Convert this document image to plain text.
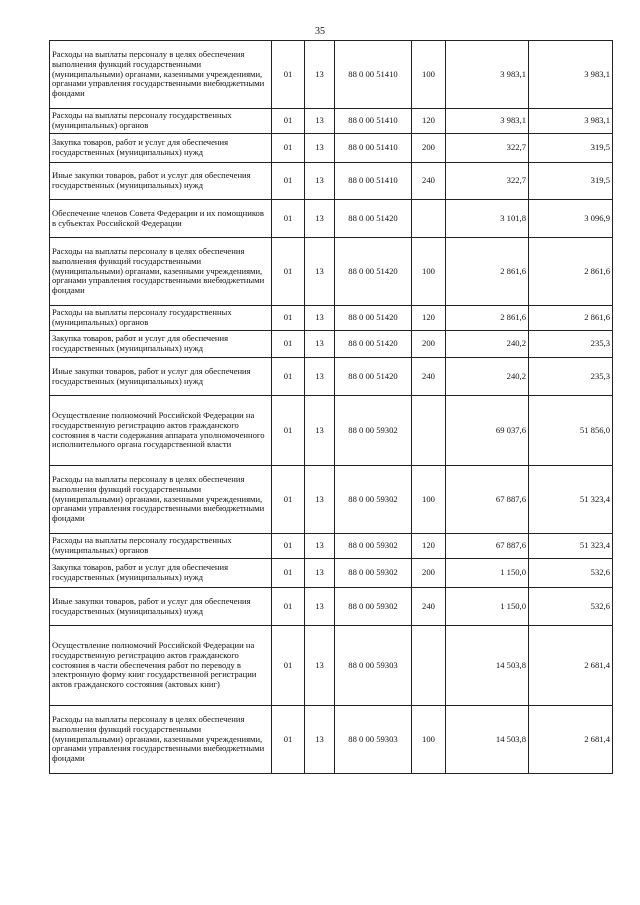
35
Расходы на выплаты персоналу в целях обеспечения выполнения функций государственными (муниципальными) органами, казенными учреждениями, органами управления государственными внебюджетными фондами	01	13	88 0 00 51410	100	3 983,1	3 983,1
Расходы на выплаты персоналу государственных (муниципальных) органов	01	13	88 0 00 51410	120	3 983,1	3 983,1
Закупка товаров, работ и услуг для обеспечения государственных (муниципальных) нужд	01	13	88 0 00 51410	200	322,7	319,5
Иные закупки товаров, работ и услуг для обеспечения государственных (муниципальных) нужд	01	13	88 0 00 51410	240	322,7	319,5
Обеспечение членов Совета Федерации и их помощников в субъектах Российской Федерации	01	13	88 0 00 51420		3 101,8	3 096,9
Расходы на выплаты персоналу в целях обеспечения выполнения функций государственными (муниципальными) органами, казенными учреждениями, органами управления государственными внебюджетными фондами	01	13	88 0 00 51420	100	2 861,6	2 861,6
Расходы на выплаты персоналу государственных (муниципальных) органов	01	13	88 0 00 51420	120	2 861,6	2 861,6
Закупка товаров, работ и услуг для обеспечения государственных (муниципальных) нужд	01	13	88 0 00 51420	200	240,2	235,3
Иные закупки товаров, работ и услуг для обеспечения государственных (муниципальных) нужд	01	13	88 0 00 51420	240	240,2	235,3
Осуществление полномочий Российской Федерации на государственную регистрацию актов гражданского состояния в части содержания аппарата уполномоченного исполнительного органа государственной власти	01	13	88 0 00 59302		69 037,6	51 856,0
Расходы на выплаты персоналу в целях обеспечения выполнения функций государственными (муниципальными) органами, казенными учреждениями, органами управления государственными внебюджетными фондами	01	13	88 0 00 59302	100	67 887,6	51 323,4
Расходы на выплаты персоналу государственных (муниципальных) органов	01	13	88 0 00 59302	120	67 887,6	51 323,4
Закупка товаров, работ и услуг для обеспечения государственных (муниципальных) нужд	01	13	88 0 00 59302	200	1 150,0	532,6
Иные закупки товаров, работ и услуг для обеспечения государственных (муниципальных) нужд	01	13	88 0 00 59302	240	1 150,0	532,6
Осуществление полномочий Российской Федерации на государственную регистрацию актов гражданского состояния в части обеспечения работ по переводу в электронную форму книг государственной регистрации актов гражданского состояния (актовых книг)	01	13	88 0 00 59303		14 503,8	2 681,4
Расходы на выплаты персоналу в целях обеспечения выполнения функций государственными (муниципальными) органами, казенными учреждениями, органами управления государственными внебюджетными фондами	01	13	88 0 00 59303	100	14 503,8	2 681,4
